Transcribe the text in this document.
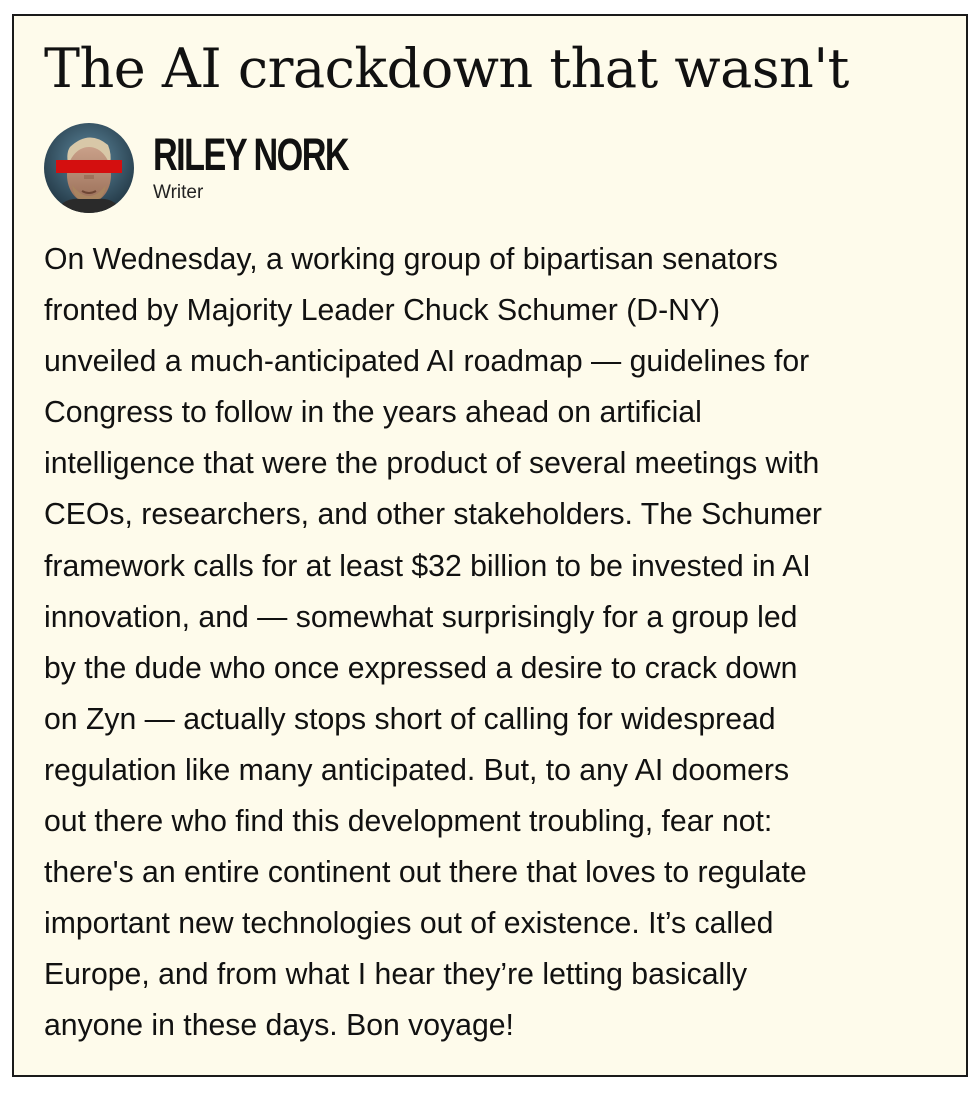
The AI crackdown that wasn't
RILEY NORK
Writer

On Wednesday, a working group of bipartisan senators
fronted by Majority Leader Chuck Schumer (D-NY)
unveiled a much-anticipated AI roadmap — guidelines for
Congress to follow in the years ahead on artificial
intelligence that were the product of several meetings with
CEOs, researchers, and other stakeholders. The Schumer
framework calls for at least $32 billion to be invested in AI
innovation, and — somewhat surprisingly for a group led
by the dude who once expressed a desire to crack down
on Zyn — actually stops short of calling for widespread
regulation like many anticipated. But, to any AI doomers
out there who find this development troubling, fear not:
there's an entire continent out there that loves to regulate
important new technologies out of existence. It’s called
Europe, and from what I hear they’re letting basically
anyone in these days. Bon voyage!
